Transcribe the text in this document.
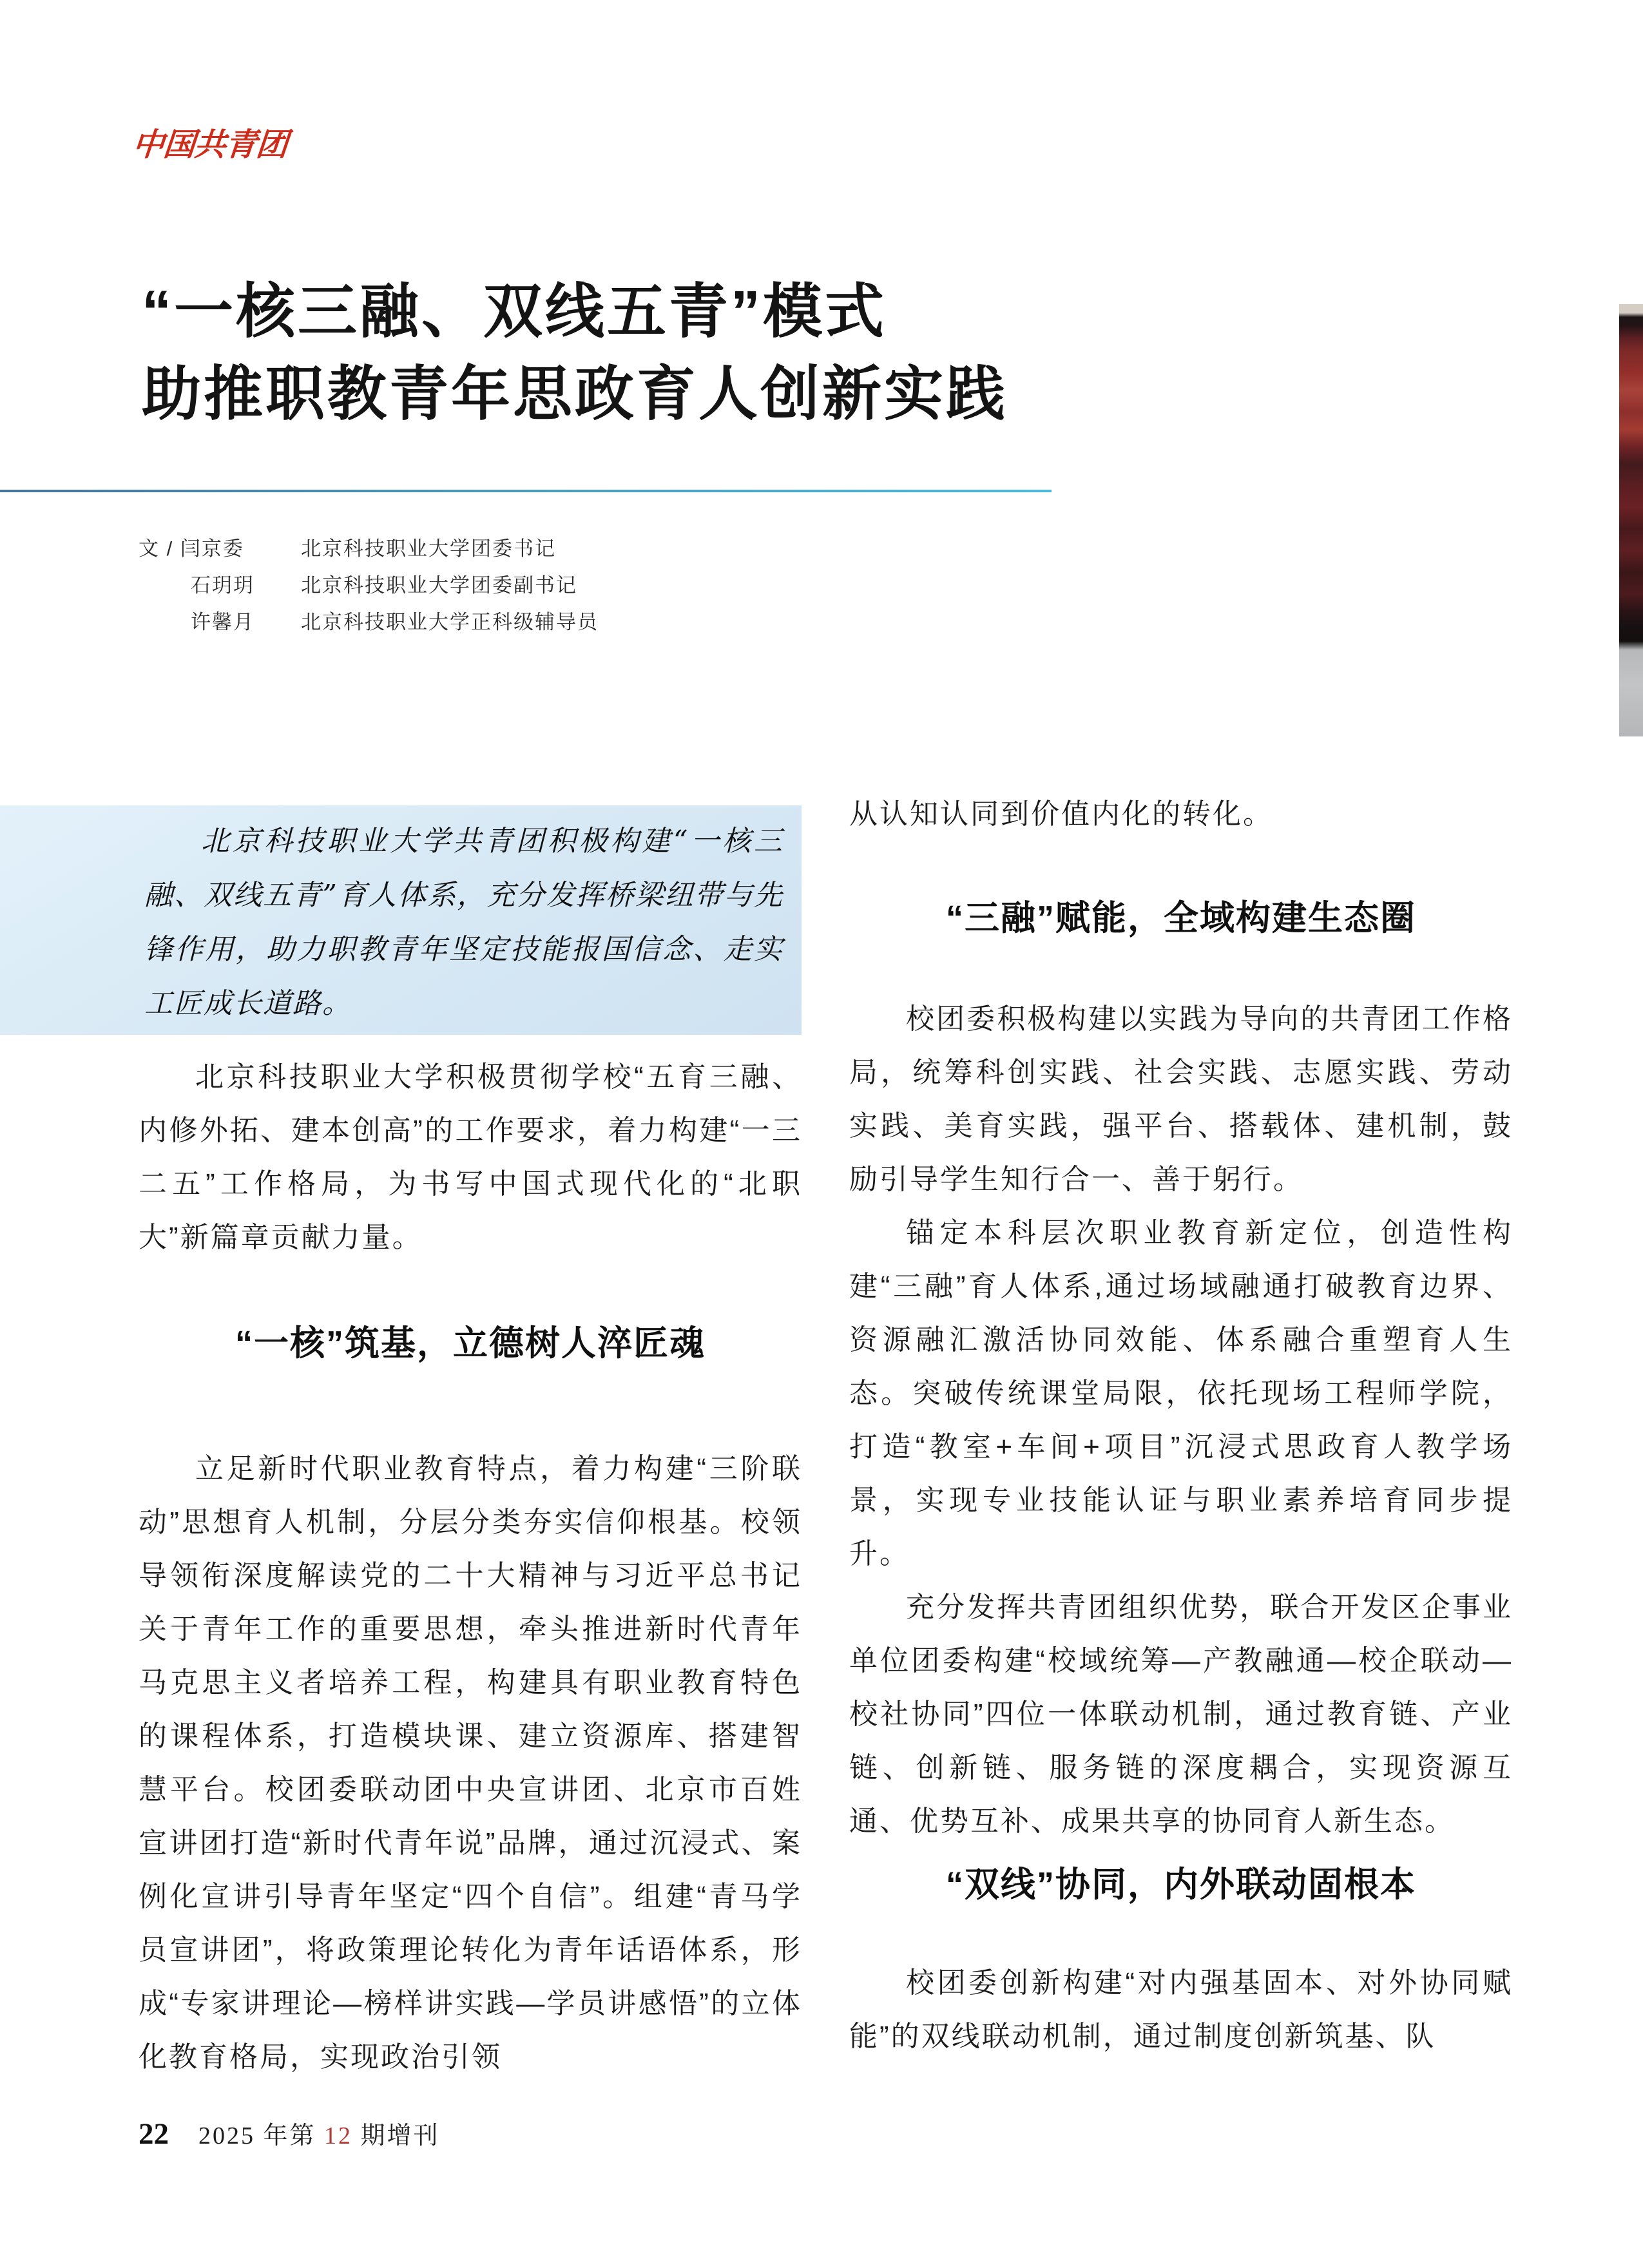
中国共青团
“一核三融、双线五青”模式
助推职教青年思政育人创新实践
文 / 闫京委	北京科技职业大学团委书记
石玥玥	北京科技职业大学团委副书记
许馨月	北京科技职业大学正科级辅导员

北京科技职业大学共青团积极构建“一核三融、双线五青”育人体系，充分发挥桥梁纽带与先锋作用，助力职教青年坚定技能报国信念、走实工匠成长道路。

北京科技职业大学积极贯彻学校“五育三融、内修外拓、建本创高”的工作要求，着力构建“一三二五”工作格局，为书写中国式现代化的“北职大”新篇章贡献力量。

“一核”筑基，立德树人淬匠魂

立足新时代职业教育特点，着力构建“三阶联动”思想育人机制，分层分类夯实信仰根基。校领导领衔深度解读党的二十大精神与习近平总书记关于青年工作的重要思想，牵头推进新时代青年马克思主义者培养工程，构建具有职业教育特色的课程体系，打造模块课、建立资源库、搭建智慧平台。校团委联动团中央宣讲团、北京市百姓宣讲团打造“新时代青年说”品牌，通过沉浸式、案例化宣讲引导青年坚定“四个自信”。组建“青马学员宣讲团”，将政策理论转化为青年话语体系，形成“专家讲理论—榜样讲实践—学员讲感悟”的立体化教育格局，实现政治引领

从认知认同到价值内化的转化。

“三融”赋能，全域构建生态圈

校团委积极构建以实践为导向的共青团工作格局，统筹科创实践、社会实践、志愿实践、劳动实践、美育实践，强平台、搭载体、建机制，鼓励引导学生知行合一、善于躬行。

锚定本科层次职业教育新定位，创造性构建“三融”育人体系,通过场域融通打破教育边界、资源融汇激活协同效能、体系融合重塑育人生态。突破传统课堂局限，依托现场工程师学院，打造“教室+车间+项目”沉浸式思政育人教学场景，实现专业技能认证与职业素养培育同步提升。

充分发挥共青团组织优势，联合开发区企事业单位团委构建“校域统筹—产教融通—校企联动—校社协同”四位一体联动机制，通过教育链、产业链、创新链、服务链的深度耦合，实现资源互通、优势互补、成果共享的协同育人新生态。

“双线”协同，内外联动固根本

校团委创新构建“对内强基固本、对外协同赋能”的双线联动机制，通过制度创新筑基、队

22 2025 年第 12 期增刊
